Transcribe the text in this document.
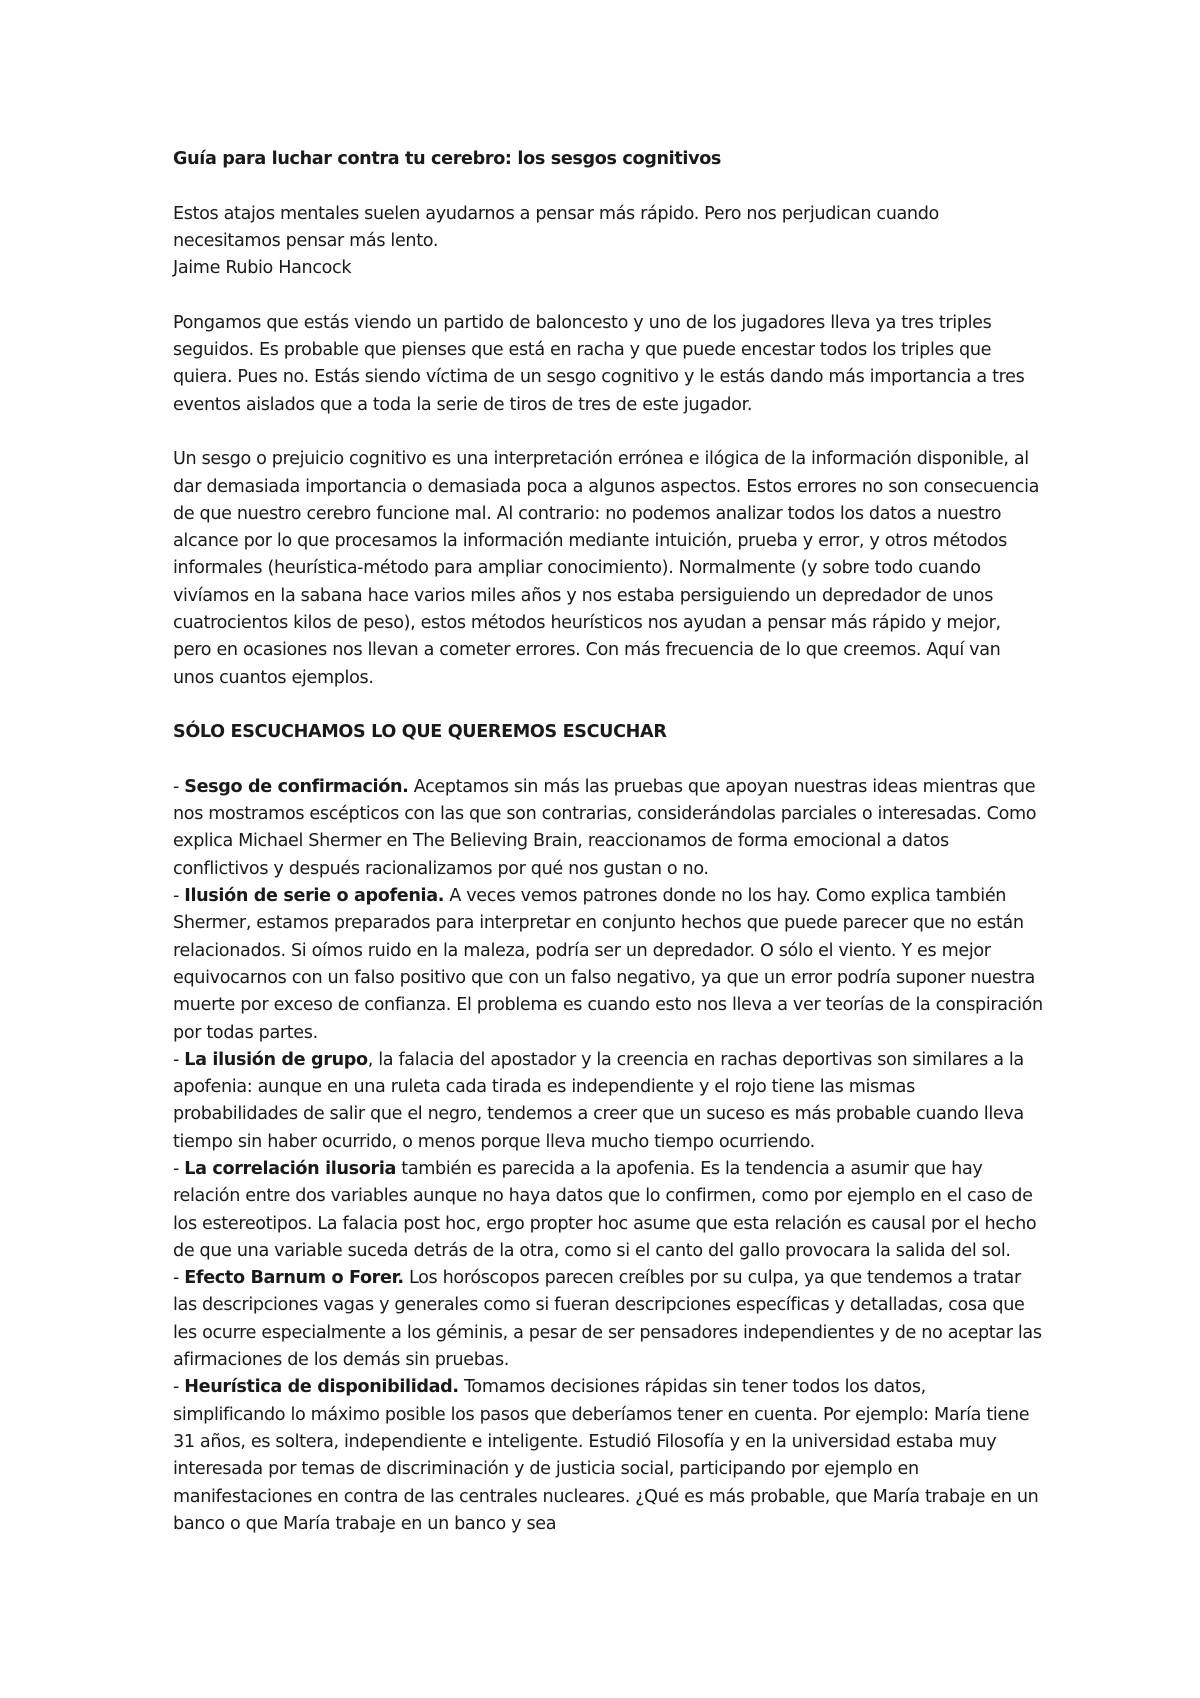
Guía para luchar contra tu cerebro: los sesgos cognitivos

Estos atajos mentales suelen ayudarnos a pensar más rápido. Pero nos perjudican cuando

necesitamos pensar más lento.

Jaime Rubio Hancock

Pongamos que estás viendo un partido de baloncesto y uno de los jugadores lleva ya tres triples seguidos. Es probable que pienses que está en racha y que puede encestar todos los triples que quiera. Pues no. Estás siendo víctima de un sesgo cognitivo y le estás dando más importancia a tres eventos aislados que a toda la serie de tiros de tres de este jugador.

Un sesgo o prejuicio cognitivo es una interpretación errónea e ilógica de la información disponible, al dar demasiada importancia o demasiada poca a algunos aspectos. Estos errores no son consecuencia de que nuestro cerebro funcione mal. Al contrario: no podemos analizar todos los datos a nuestro alcance por lo que procesamos la información mediante intuición, prueba y error, y otros métodos informales (heurística-método para ampliar conocimiento). Normalmente (y sobre todo cuando vivíamos en la sabana hace varios miles años y nos estaba persiguiendo un depredador de unos cuatrocientos kilos de peso), estos métodos heurísticos nos ayudan a pensar más rápido y mejor, pero en ocasiones nos llevan a cometer errores. Con más frecuencia de lo que creemos. Aquí van unos cuantos ejemplos.

SÓLO ESCUCHAMOS LO QUE QUEREMOS ESCUCHAR

- Sesgo de confirmación. Aceptamos sin más las pruebas que apoyan nuestras ideas mientras que nos mostramos escépticos con las que son contrarias, considerándolas parciales o interesadas. Como explica Michael Shermer en The Believing Brain, reaccionamos de forma emocional a datos conflictivos y después racionalizamos por qué nos gustan o no.

- Ilusión de serie o apofenia. A veces vemos patrones donde no los hay. Como explica también Shermer, estamos preparados para interpretar en conjunto hechos que puede parecer que no están relacionados. Si oímos ruido en la maleza, podría ser un depredador. O sólo el viento. Y es mejor equivocarnos con un falso positivo que con un falso negativo, ya que un error podría suponer nuestra muerte por exceso de confianza. El problema es cuando esto nos lleva a ver teorías de la conspiración por todas partes.

- La ilusión de grupo, la falacia del apostador y la creencia en rachas deportivas son similares a la apofenia: aunque en una ruleta cada tirada es independiente y el rojo tiene las mismas probabilidades de salir que el negro, tendemos a creer que un suceso es más probable cuando lleva tiempo sin haber ocurrido, o menos porque lleva mucho tiempo ocurriendo.

- La correlación ilusoria también es parecida a la apofenia. Es la tendencia a asumir que hay relación entre dos variables aunque no haya datos que lo confirmen, como por ejemplo en el caso de los estereotipos. La falacia post hoc, ergo propter hoc asume que esta relación es causal por el hecho de que una variable suceda detrás de la otra, como si el canto del gallo provocara la salida del sol.

- Efecto Barnum o Forer. Los horóscopos parecen creíbles por su culpa, ya que tendemos a tratar las descripciones vagas y generales como si fueran descripciones específicas y detalladas, cosa que les ocurre especialmente a los géminis, a pesar de ser pensadores independientes y de no aceptar las afirmaciones de los demás sin pruebas.

- Heurística de disponibilidad. Tomamos decisiones rápidas sin tener todos los datos, simplificando lo máximo posible los pasos que deberíamos tener en cuenta. Por ejemplo: María tiene 31 años, es soltera, independiente e inteligente. Estudió Filosofía y en la universidad estaba muy interesada por temas de discriminación y de justicia social, participando por ejemplo en manifestaciones en contra de las centrales nucleares. ¿Qué es más probable, que María trabaje en un banco o que María trabaje en un banco y sea
